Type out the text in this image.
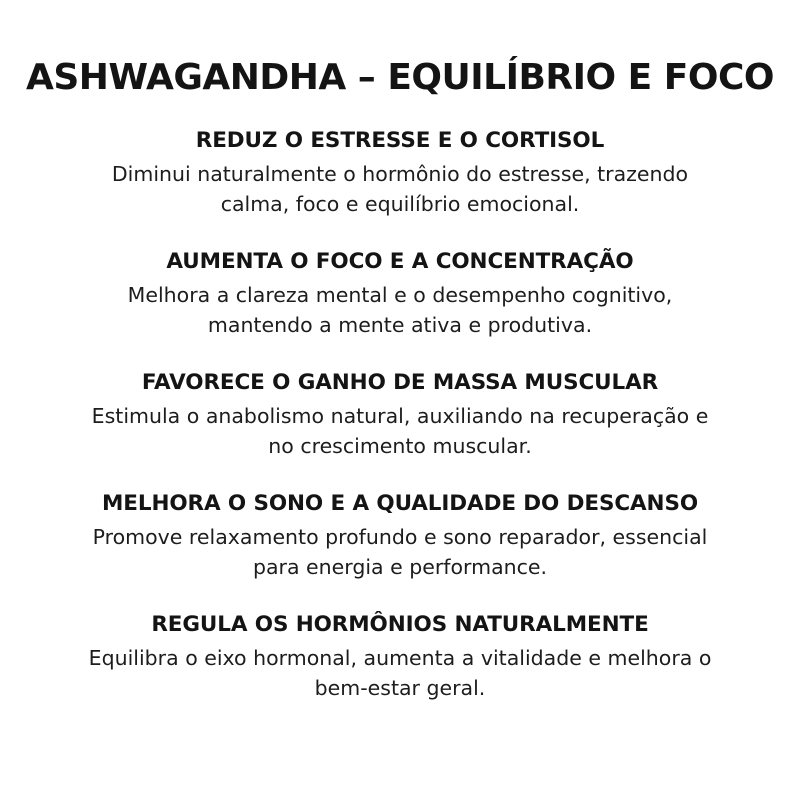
ASHWAGANDHA – EQUILÍBRIO E FOCO
REDUZ O ESTRESSE E O CORTISOL
Diminui naturalmente o hormônio do estresse, trazendo calma, foco e equilíbrio emocional.
AUMENTA O FOCO E A CONCENTRAÇÃO
Melhora a clareza mental e o desempenho cognitivo, mantendo a mente ativa e produtiva.
FAVORECE O GANHO DE MASSA MUSCULAR
Estimula o anabolismo natural, auxiliando na recuperação e no crescimento muscular.
MELHORA O SONO E A QUALIDADE DO DESCANSO
Promove relaxamento profundo e sono reparador, essencial para energia e performance.
REGULA OS HORMÔNIOS NATURALMENTE
Equilibra o eixo hormonal, aumenta a vitalidade e melhora o bem-estar geral.
